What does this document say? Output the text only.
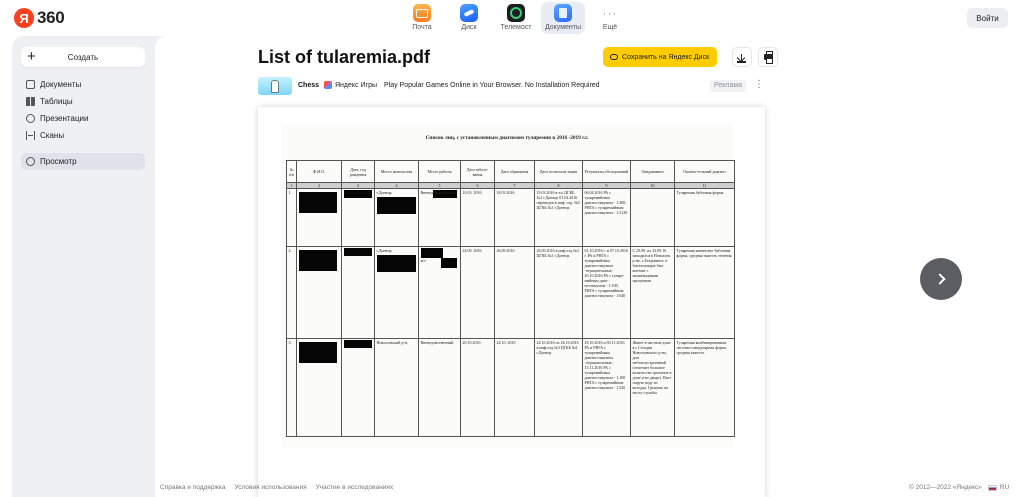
Я 360
Почта	Диск	Телемост Документы
···
Ещё
Войти
+	Создать
Документы
Таблицы
Презентации
Сканы
Просмотр
List of tularemia.pdf	Сохранить на Яндекс Диск
Chess Яндекс Игры Play Popular Games Online in Your Browser. No Installation Required	Реклама	⋮
Список лиц, с установленным диагнозом туляремия в 2016 -2019 г.г.
№ п/п	Ф.И.О.	Дата, год рождения	Место жительства	Место работы	Дата заболе-вания	Дата обращения	Дата госпитали-зации	Результаты обследований	Эпиданамнез	Оконча-тельный диагноз
1	2	3	4	5	6	7	8	9	10	11
1.			г.Донецк,	Вневедомствен-ный	10.03. 2016	18.03.2016	19.03.2016 в т/о ЦГКБ №1 г.Донецк 01.04.2016 переведен в инф. отд. №5 ЦГКБ №1 г.Донецк	06.04.2016 РА с туляремийным диагностикумом - 1:400, РНГА с туляремийным диагностикумом - 1:3120		Туляремия бубонная форма.
2.			г.Донецк,	м/т	24.09. 2016	26.09.2016	26.09.2016 в инф.отд.№3 ЦГКБ №1 г.Донецк	01.10.2016 г. и 07.10.2016 г. РА и РНГА с туляремийным диагностикумом -отрицательные; 20.10.2016 РА с туляре-мийным диаг-ностикумом - 1:100, РНГА с туляремийным диагностикумом - 1:640	С 29.08. по 23.09.16 находился в Новоазов. р-не, с.Бездымное, в близлежащих был контакт с мышевидными грызунами	Туляремия ангинозно-бубонная форма, средняя тяжесть течения
3.			Новоазовский р-н,	Вневедомственный	20.10.2016	24.10. 2016	24.10.2016 по 26.10.2016 в инф.отд.№3 ЦГКБ №1 г.Донецк	29.10.2016 и 03.11.2016 РА и РНГА с туляремийным диагностикумом -отрицательные; 15.11.2016 РА с туляремийным диагностикумом - 1:100 РНГА с туляремийным диагностикумом - 1:320	Живет в частном доме в с.Сегодня Новоазовского р-на, дом неблагоустроенный (отмечает большое количество грызунов в доме и во дворе). Пьет сырую воду из колодца. Грызуны на месту службы.	Туляремия комбинированная легочно-гландулярная форма, средняя тяжесть
Справка и поддержка Условия использования Участие в исследованиях	© 2012—2022 «Яндекс»	RU
